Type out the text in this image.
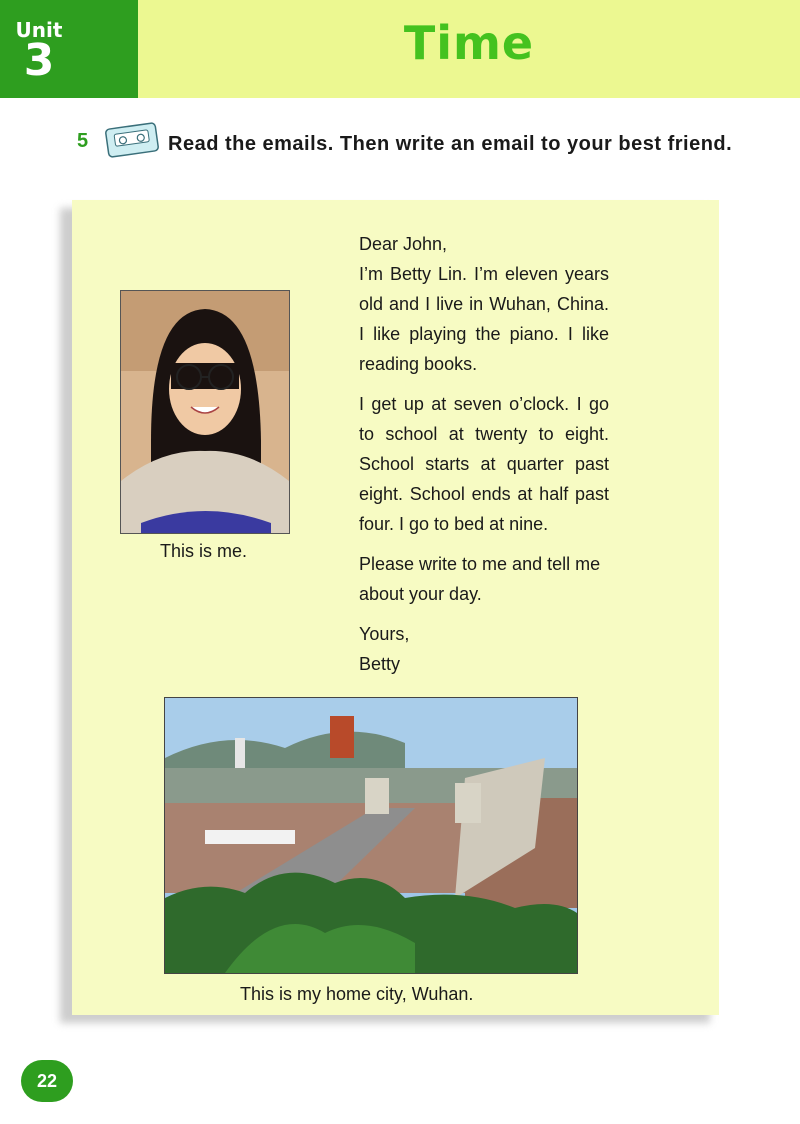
Unit
3	Time
5	Read the emails. Then write an email to your best friend.
This is me.
Dear John,

I’m Betty Lin. I’m eleven years old and I live in Wuhan, China. I like playing the piano. I like reading books.

I get up at seven o’clock. I go to school at twenty to eight. School starts at quarter past eight. School ends at half past four. I go to bed at nine.

Please write to me and tell me about your day.

Yours,
Betty
This is my home city, Wuhan.
22
